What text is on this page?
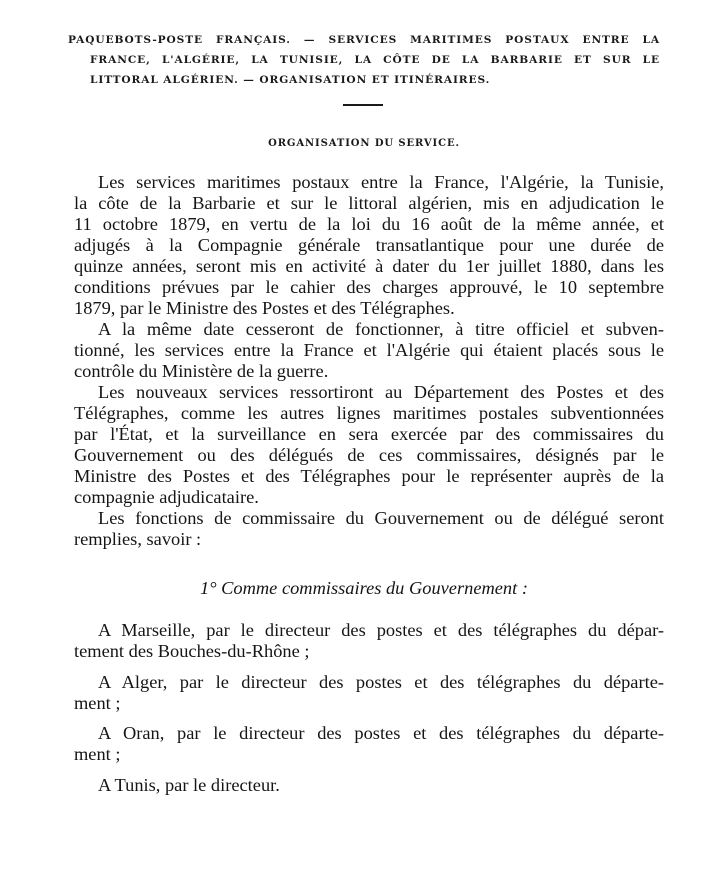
PAQUEBOTS-POSTE FRANÇAIS. — SERVICES MARITIMES POSTAUX ENTRE LA

FRANCE, L'ALGÉRIE, LA TUNISIE, LA CÔTE DE LA BARBARIE ET SUR LE

LITTORAL ALGÉRIEN. — ORGANISATION ET ITINÉRAIRES.

ORGANISATION DU SERVICE.

Les services maritimes postaux entre la France, l'Algérie, la Tunisie,

la côte de la Barbarie et sur le littoral algérien, mis en adjudication le

11 octobre 1879, en vertu de la loi du 16 août de la même année, et

adjugés à la Compagnie générale transatlantique pour une durée de

quinze années, seront mis en activité à dater du 1er juillet 1880, dans les

conditions prévues par le cahier des charges approuvé, le 10 septembre

1879, par le Ministre des Postes et des Télégraphes.

A la même date cesseront de fonctionner, à titre officiel et subven-

tionné, les services entre la France et l'Algérie qui étaient placés sous le

contrôle du Ministère de la guerre.

Les nouveaux services ressortiront au Département des Postes et des

Télégraphes, comme les autres lignes maritimes postales subventionnées

par l'État, et la surveillance en sera exercée par des commissaires du

Gouvernement ou des délégués de ces commissaires, désignés par le

Ministre des Postes et des Télégraphes pour le représenter auprès de la

compagnie adjudicataire.

Les fonctions de commissaire du Gouvernement ou de délégué seront

remplies, savoir :

1° Comme commissaires du Gouvernement :

A Marseille, par le directeur des postes et des télégraphes du dépar-

tement des Bouches-du-Rhône ;

A Alger, par le directeur des postes et des télégraphes du départe-

ment ;

A Oran, par le directeur des postes et des télégraphes du départe-

ment ;

A Tunis, par le directeur.
